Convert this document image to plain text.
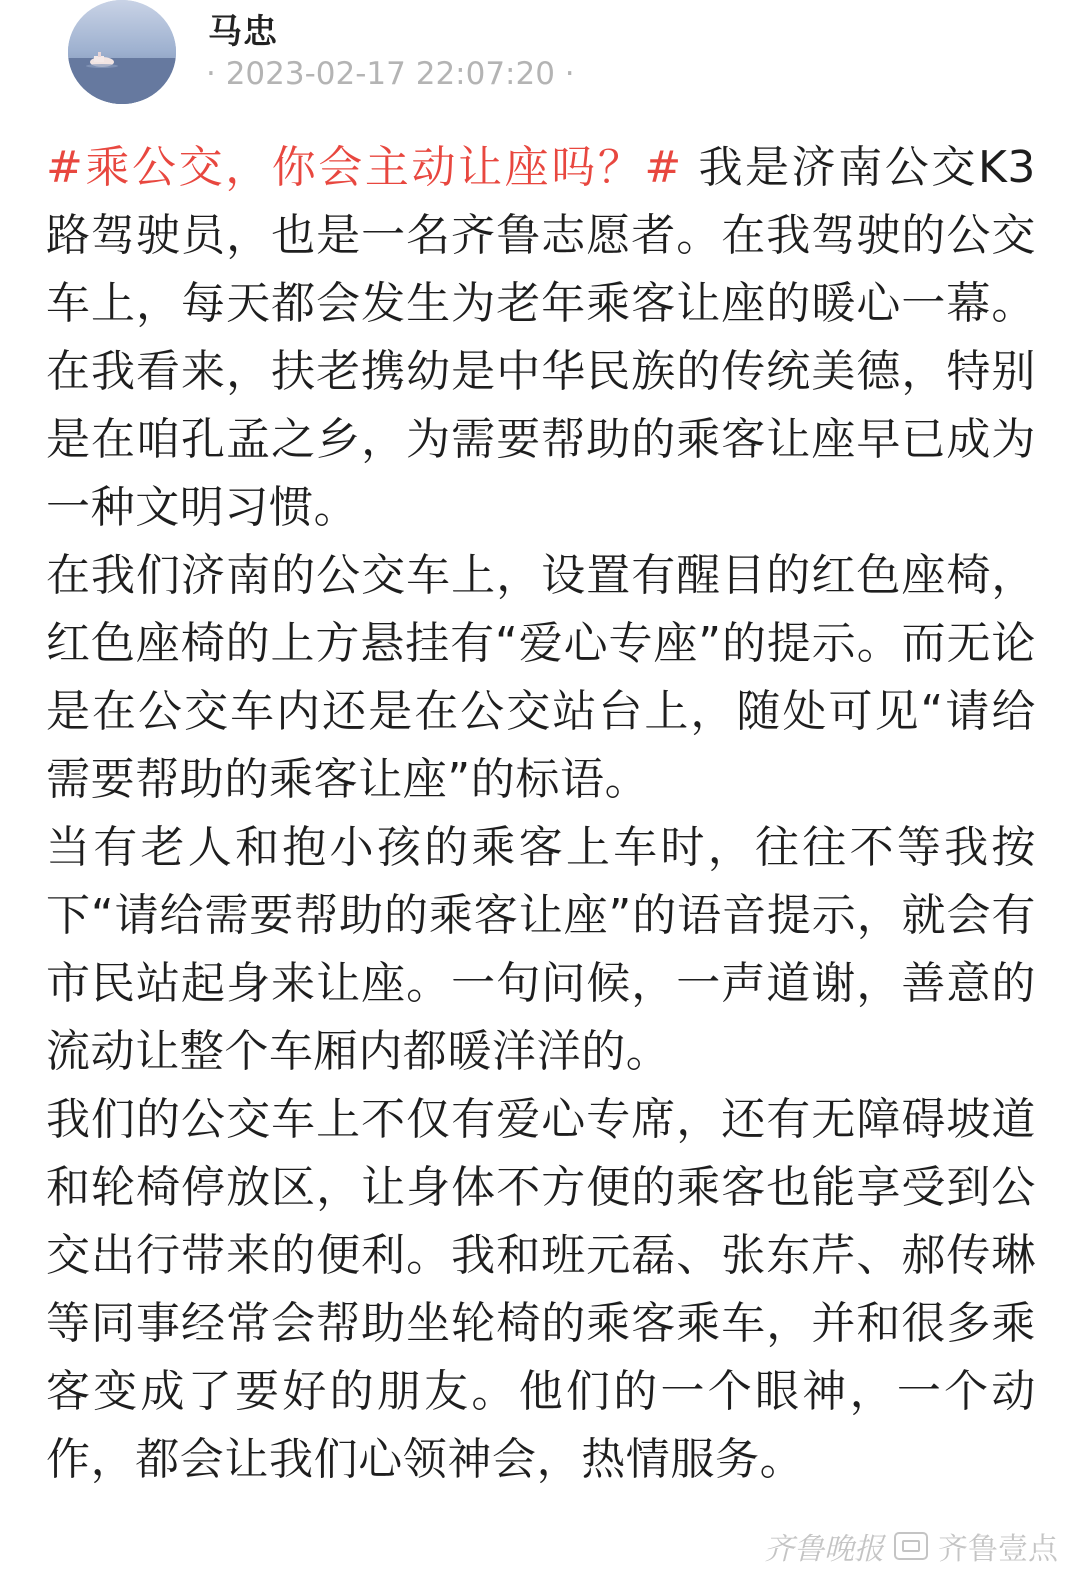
马忠
· 2023-02-17 22:07:20 ·

#乘公交，你会主动让座吗？# 我是济南公交K3路驾驶员，也是一名齐鲁志愿者。在我驾驶的公交车上，每天都会发生为老年乘客让座的暖心一幕。在我看来，扶老携幼是中华民族的传统美德，特别是在咱孔孟之乡，为需要帮助的乘客让座早已成为一种文明习惯。

在我们济南的公交车上，设置有醒目的红色座椅，红色座椅的上方悬挂有“爱心专座”的提示。而无论是在公交车内还是在公交站台上，随处可见“请给需要帮助的乘客让座”的标语。

当有老人和抱小孩的乘客上车时，往往不等我按下“请给需要帮助的乘客让座”的语音提示，就会有市民站起身来让座。一句问候，一声道谢，善意的流动让整个车厢内都暖洋洋的。

我们的公交车上不仅有爱心专席，还有无障碍坡道和轮椅停放区，让身体不方便的乘客也能享受到公交出行带来的便利。我和班元磊、张东芹、郝传琳等同事经常会帮助坐轮椅的乘客乘车，并和很多乘客变成了要好的朋友。他们的一个眼神，一个动作，都会让我们心领神会，热情服务。

齐鲁晚报 齐鲁壹点
